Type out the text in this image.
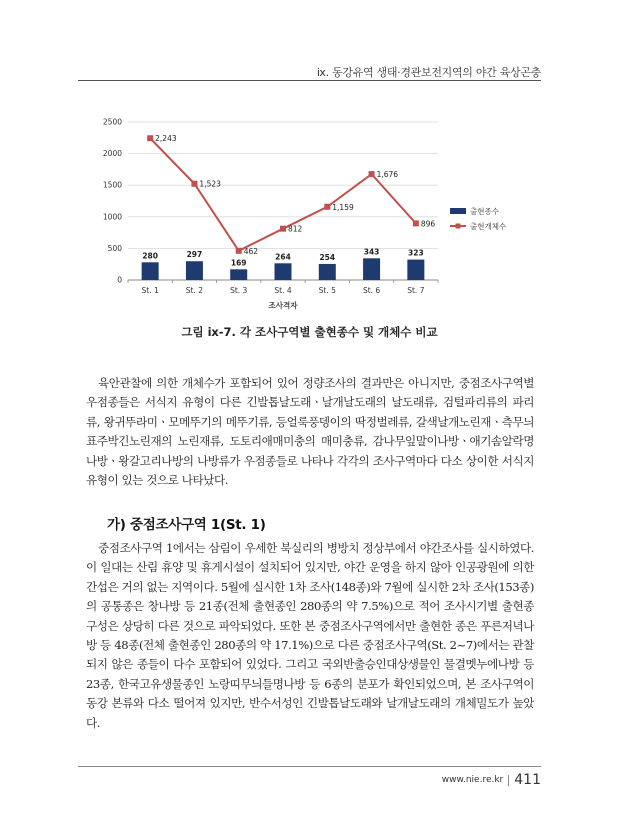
ⅸ. 동강유역 생태·경관보전지역의 야간 육상곤충
0
500
1000
1500
2000
2500
St. 1	St. 2	St. 3	St. 4	St. 5	St. 6	St. 7
조사격자
280	297
169
264	254
343	323
2,243
1,523
462
812
1,159
1,676
896
출현종수
출현개체수
그림 ⅸ-7. 각 조사구역별 출현종수 및 개체수 비교

육안관찰에 의한 개체수가 포함되어 있어 정량조사의 결과만은 아니지만, 중점조사구역별 우점종들은 서식지 유형이 다른 긴발톱날도래ㆍ날개날도래의 날도래류, 검털파리류의 파리류, 왕귀뚜라미ㆍ모메뚜기의 메뚜기류, 등얼룩풍뎅이의 딱정벌레류, 갈색날개노린재ㆍ측무늬표주박긴노린재의 노린재류, 도토리애매미충의 매미충류, 감나무잎말이나방ㆍ애기솜알락명나방ㆍ왕갈고리나방의 나방류가 우점종들로 나타나 각각의 조사구역마다 다소 상이한 서식지 유형이 있는 것으로 나타났다.

가) 중점조사구역 1(St. 1)

중점조사구역 1에서는 삼림이 우세한 북실리의 병방치 정상부에서 야간조사를 실시하였다. 이 일대는 산림 휴양 및 휴게시설이 설치되어 있지만, 야간 운영을 하지 않아 인공광원에 의한 간섭은 거의 없는 지역이다. 5월에 실시한 1차 조사(148종)와 7월에 실시한 2차 조사(153종)의 공통종은 창나방 등 21종(전체 출현종인 280종의 약 7.5%)으로 적어 조사시기별 출현종 구성은 상당히 다른 것으로 파악되었다. 또한 본 중점조사구역에서만 출현한 종은 푸른저녁나방 등 48종(전체 출현종인 280종의 약 17.1%)으로 다른 중점조사구역(St. 2~7)에서는 관찰되지 않은 종들이 다수 포함되어 있었다. 그리고 국외반출승인대상생물인 물결멧누에나방 등 23종, 한국고유생물종인 노랑띠무늬들명나방 등 6종의 분포가 확인되었으며, 본 조사구역이 동강 본류와 다소 떨어져 있지만, 반수서성인 긴발톱날도래와 날개날도래의 개체밀도가 높았다.

www.nie.re.kr 411
